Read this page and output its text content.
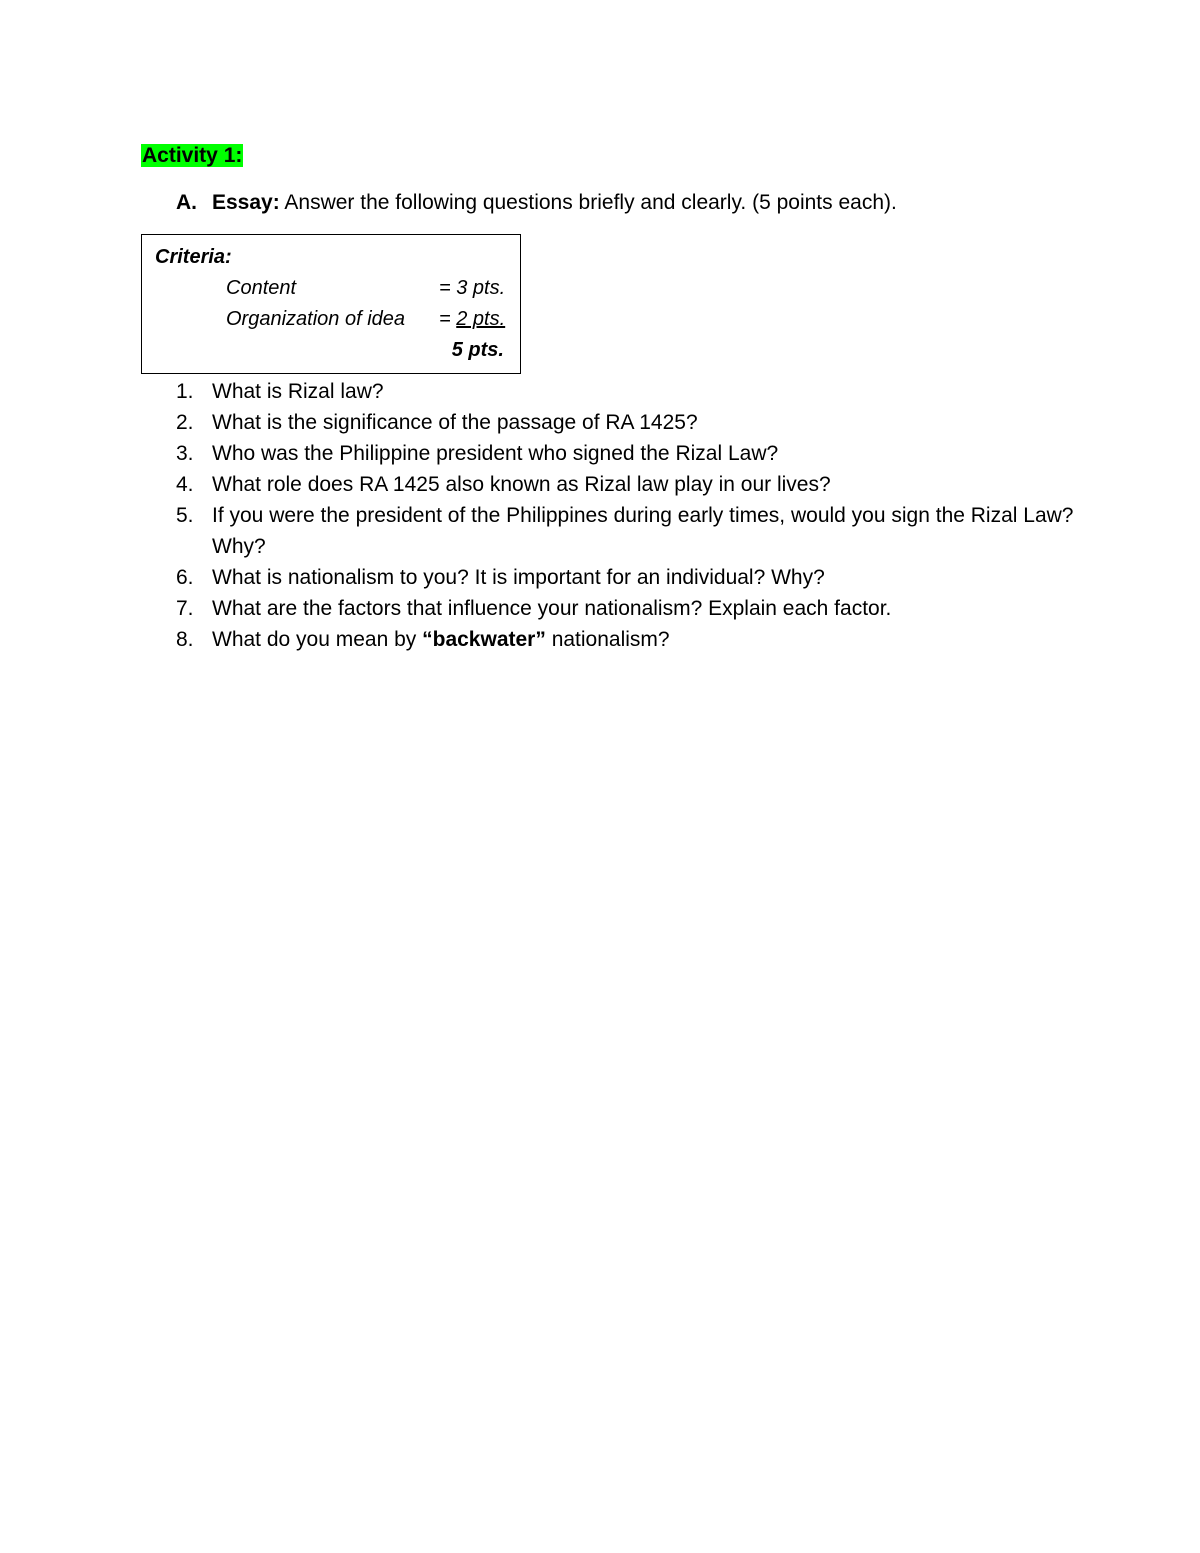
Activity 1:
A. Essay: Answer the following questions briefly and clearly. (5 points each).
Criteria:
Content	= 3 pts.
Organization of idea = 2 pts.
5 pts.
1. What is Rizal law?
2. What is the significance of the passage of RA 1425?
3. Who was the Philippine president who signed the Rizal Law?
4. What role does RA 1425 also known as Rizal law play in our lives?
5. If you were the president of the Philippines during early times, would you sign the Rizal Law? Why?
6. What is nationalism to you? It is important for an individual? Why?
7. What are the factors that influence your nationalism? Explain each factor.
8. What do you mean by “backwater” nationalism?
